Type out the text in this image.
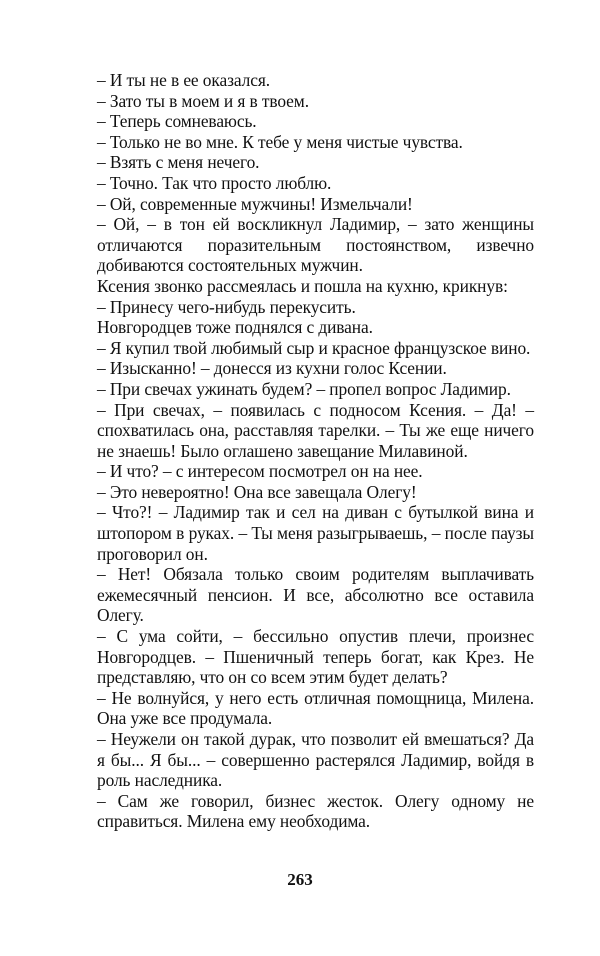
– И ты не в ее оказался.

– Зато ты в моем и я в твоем.

– Теперь сомневаюсь.

– Только не во мне. К тебе у меня чистые чувства.

– Взять с меня нечего.

– Точно. Так что просто люблю.

– Ой, современные мужчины! Измельчали!

– Ой, – в тон ей воскликнул Ладимир, – зато женщины отличаются поразительным постоянством, извечно добиваются состоятельных мужчин.

Ксения звонко рассмеялась и пошла на кухню, крикнув:

– Принесу чего-нибудь перекусить.

Новгородцев тоже поднялся с дивана.

– Я купил твой любимый сыр и красное французское вино.

– Изысканно! – донесся из кухни голос Ксении.

– При свечах ужинать будем? – пропел вопрос Ладимир.

– При свечах, – появилась с подносом Ксения. – Да! – спохватилась она, расставляя тарелки. – Ты же еще ничего не знаешь! Было оглашено завещание Милавиной.

– И что? – с интересом посмотрел он на нее.

– Это невероятно! Она все завещала Олегу!

– Что?! – Ладимир так и сел на диван с бутылкой вина и штопором в руках. – Ты меня разыгрываешь, – после паузы проговорил он.

– Нет! Обязала только своим родителям выплачивать ежемесячный пенсион. И все, абсолютно все оставила Олегу.

– С ума сойти, – бессильно опустив плечи, произнес Новгородцев. – Пшеничный теперь богат, как Крез. Не представляю, что он со всем этим будет делать?

– Не волнуйся, у него есть отличная помощница, Милена. Она уже все продумала.

– Неужели он такой дурак, что позволит ей вмешаться? Да я бы... Я бы... – совершенно растерялся Ладимир, войдя в роль наследника.

– Сам же говорил, бизнес жесток. Олегу одному не справиться. Милена ему необходима.

263
